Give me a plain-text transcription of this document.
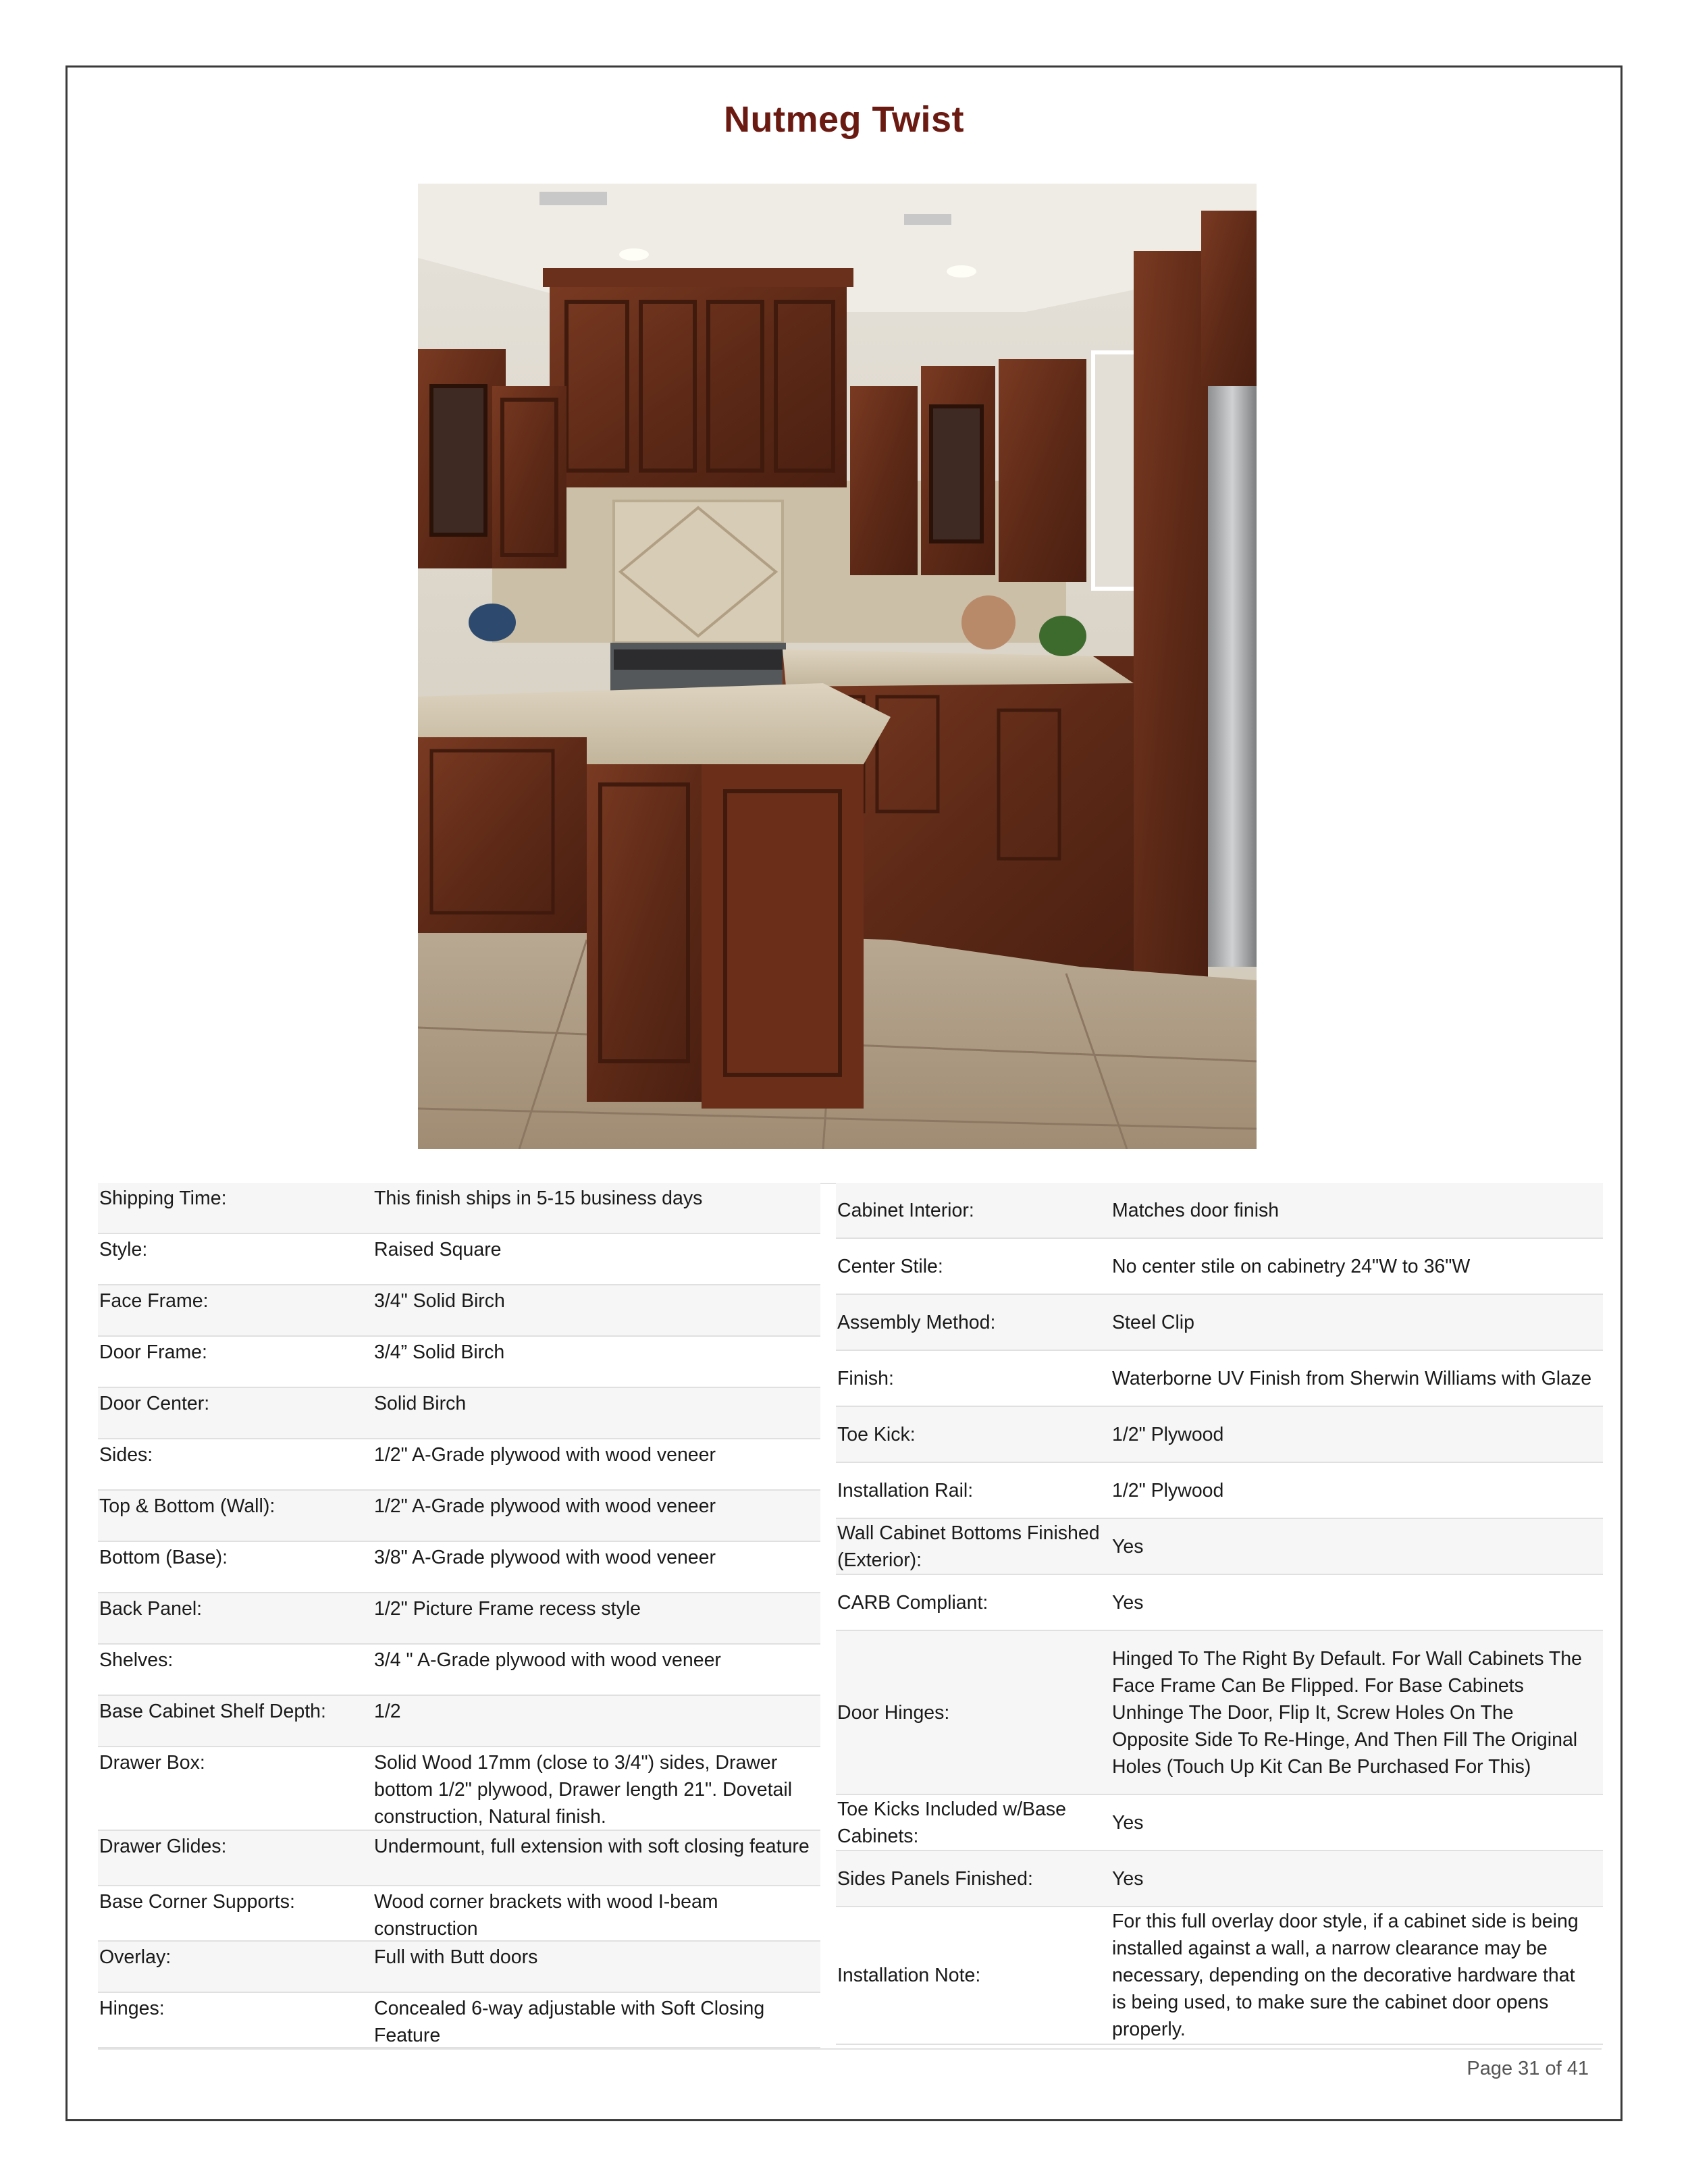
Nutmeg Twist
Shipping Time:	This finish ships in 5-15 business days
Style:	Raised Square
Face Frame:	3/4" Solid Birch
Door Frame:	3/4” Solid Birch
Door Center:	Solid Birch
Sides:	1/2" A-Grade plywood with wood veneer
Top & Bottom (Wall):	1/2" A-Grade plywood with wood veneer
Bottom (Base):	3/8" A-Grade plywood with wood veneer
Back Panel:	1/2" Picture Frame recess style
Shelves:	3/4 " A-Grade plywood with wood veneer
Base Cabinet Shelf Depth:	1/2
Drawer Box:	Solid Wood 17mm (close to 3/4") sides, Drawer bottom 1/2" plywood, Drawer length 21". Dovetail construction, Natural finish.
Drawer Glides:	Undermount, full extension with soft closing feature
Base Corner Supports:	Wood corner brackets with wood I-beam construction
Overlay:	Full with Butt doors
Hinges:	Concealed 6-way adjustable with Soft Closing Feature
Cabinet Interior:	Matches door finish
Center Stile:	No center stile on cabinetry 24"W to 36"W
Assembly Method:	Steel Clip
Finish:	Waterborne UV Finish from Sherwin Williams with Glaze
Toe Kick:	1/2" Plywood
Installation Rail:	1/2" Plywood
Wall Cabinet Bottoms Finished (Exterior):
Yes
CARB Compliant:	Yes
Door Hinges:
Hinged To The Right By Default. For Wall Cabinets The Face Frame Can Be Flipped. For Base Cabinets Unhinge The Door, Flip It, Screw Holes On The Opposite Side To Re-Hinge, And Then Fill The Original Holes (Touch Up Kit Can Be Purchased For This)
Toe Kicks Included w/Base Cabinets:
Yes
Sides Panels Finished:	Yes
Installation Note:
For this full overlay door style, if a cabinet side is being installed against a wall, a narrow clearance may be necessary, depending on the decorative hardware that is being used, to make sure the cabinet door opens properly.
Page 31 of 41
